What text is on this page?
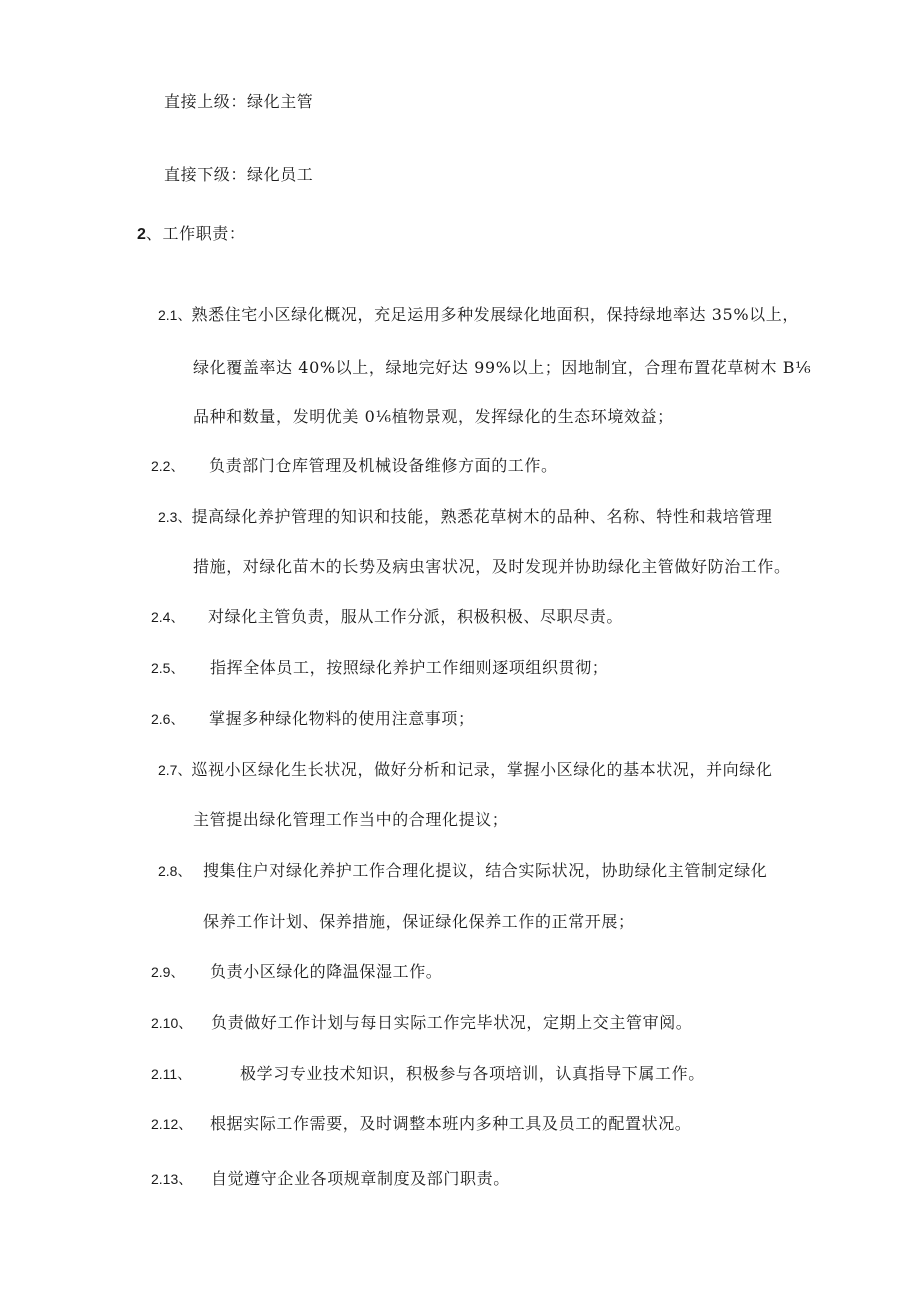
直接上级：绿化主管
直接下级：绿化员工
2、工作职责：
2.1、熟悉住宅小区绿化概况，充足运用多种发展绿化地面积，保持绿地率达 35%以上，
绿化覆盖率达 40%以上，绿地完好达 99%以上；因地制宜，合理布置花草树木 B⅙
品种和数量，发明优美 0⅙植物景观，发挥绿化的生态环境效益；
2.2、 负责部门仓库管理及机械设备维修方面的工作。
2.3、提高绿化养护管理的知识和技能，熟悉花草树木的品种、名称、特性和栽培管理
措施，对绿化苗木的长势及病虫害状况，及时发现并协助绿化主管做好防治工作。
2.4、 对绿化主管负责，服从工作分派，积极积极、尽职尽责。
2.5、 指挥全体员工，按照绿化养护工作细则逐项组织贯彻；
2.6、 掌握多种绿化物料的使用注意事项；
2.7、巡视小区绿化生长状况，做好分析和记录，掌握小区绿化的基本状况，并向绿化
主管提出绿化管理工作当中的合理化提议；
2.8、 搜集住户对绿化养护工作合理化提议，结合实际状况，协助绿化主管制定绿化
保养工作计划、保养措施，保证绿化保养工作的正常开展；
2.9、 负责小区绿化的降温保湿工作。
2.10、 负责做好工作计划与每日实际工作完毕状况，定期上交主管审阅。
2.11、	极学习专业技术知识，积极参与各项培训，认真指导下属工作。
2.12、 根据实际工作需要，及时调整本班内多种工具及员工的配置状况。
2.13、 自觉遵守企业各项规章制度及部门职责。
